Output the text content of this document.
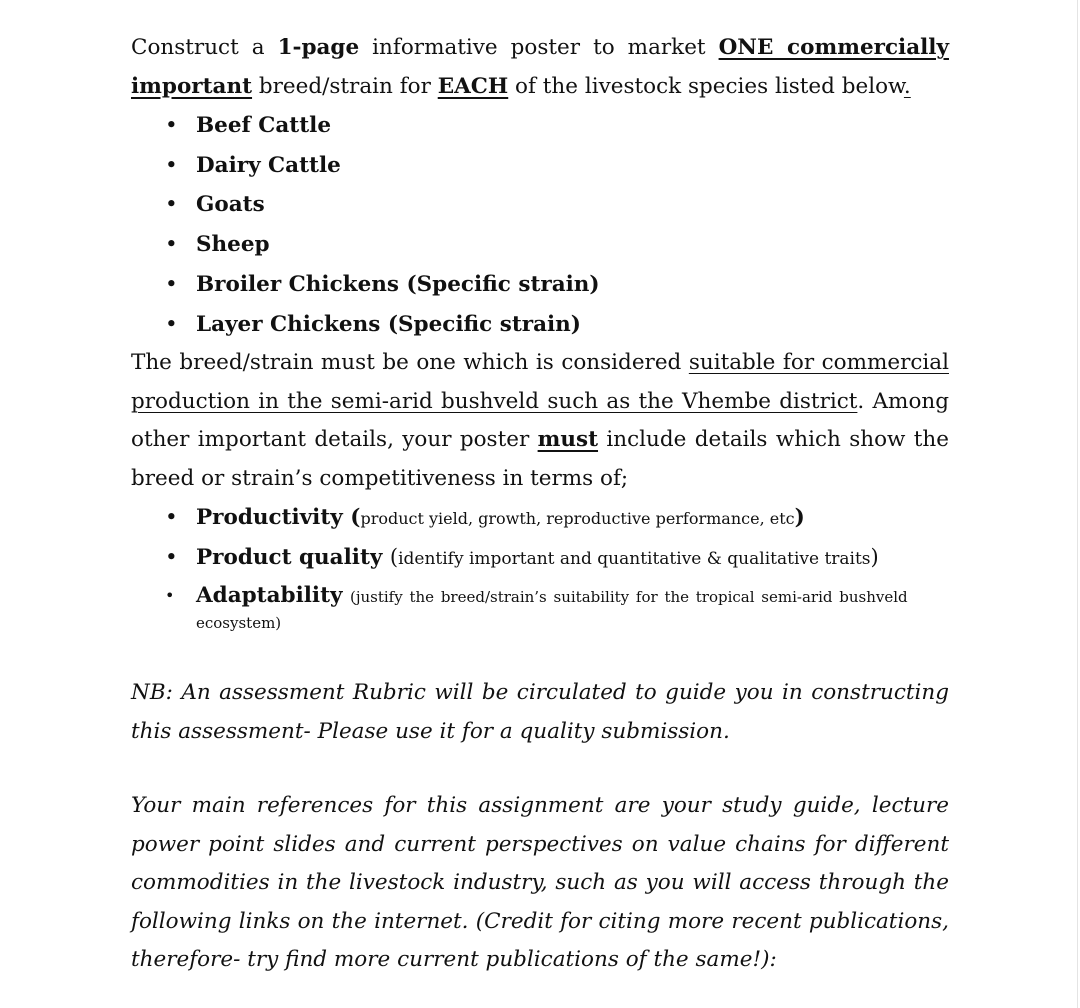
Construct a 1-page informative poster to market ONE commercially important breed/strain for EACH of the livestock species listed below.

• Beef Cattle
• Dairy Cattle
• Goats
• Sheep
• Broiler Chickens (Specific strain)
• Layer Chickens (Specific strain)

The breed/strain must be one which is considered suitable for commercial production in the semi-arid bushveld such as the Vhembe district. Among other important details, your poster must include details which show the breed or strain’s competitiveness in terms of;

• Productivity (product yield, growth, reproductive performance, etc)
• Product quality (identify important and quantitative & qualitative traits)
• Adaptability (justify the breed/strain’s suitability for the tropical semi-arid bushveld
ecosystem)

NB: An assessment Rubric will be circulated to guide you in constructing this assessment- Please use it for a quality submission.

Your main references for this assignment are your study guide, lecture power point slides and current perspectives on value chains for different commodities in the livestock industry, such as you will access through the following links on the internet. (Credit for citing more recent publications, therefore- try find more current publications of the same!):
